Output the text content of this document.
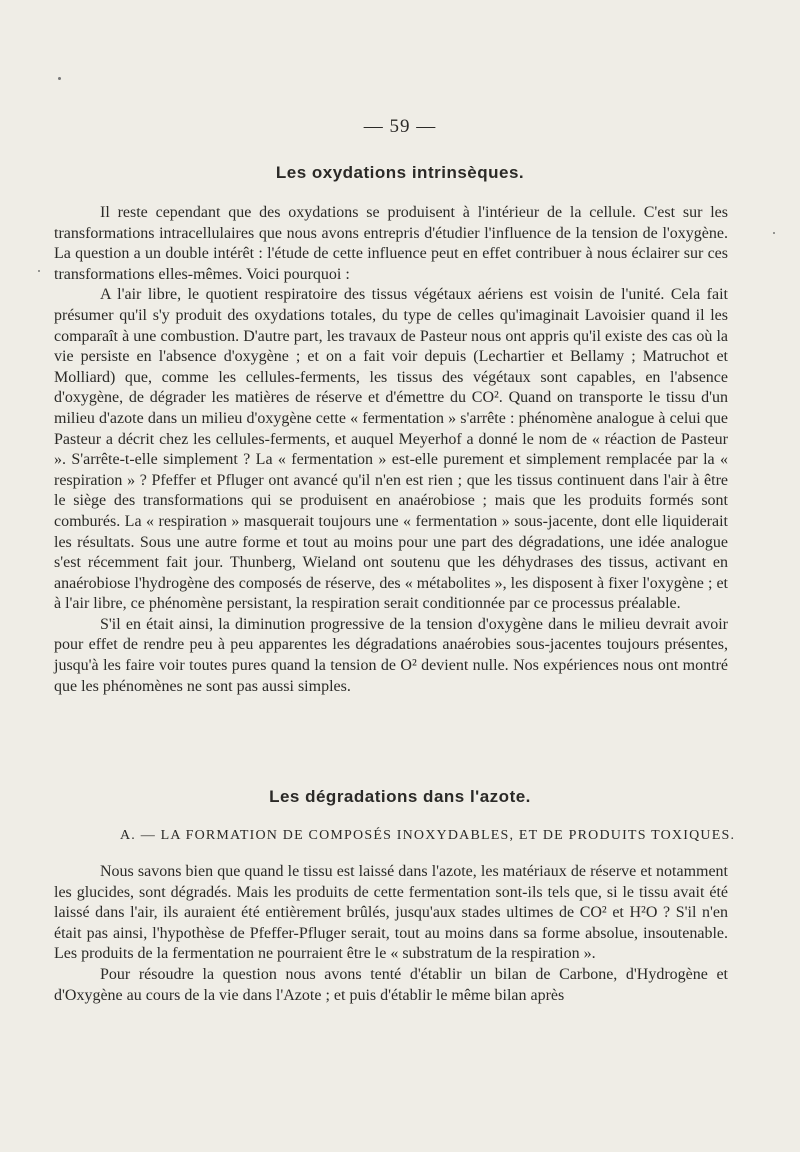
— 59 —
Les oxydations intrinsèques.

Il reste cependant que des oxydations se produisent à l'intérieur de la cellule. C'est sur les transformations intracellulaires que nous avons entrepris d'étudier l'influence de la tension de l'oxygène. La question a un double intérêt : l'étude de cette influence peut en effet contribuer à nous éclairer sur ces transformations elles-mêmes. Voici pourquoi :

A l'air libre, le quotient respiratoire des tissus végétaux aériens est voisin de l'unité. Cela fait présumer qu'il s'y produit des oxydations totales, du type de celles qu'imaginait Lavoisier quand il les comparaît à une combustion. D'autre part, les travaux de Pasteur nous ont appris qu'il existe des cas où la vie persiste en l'absence d'oxygène ; et on a fait voir depuis (Lechartier et Bellamy ; Matruchot et Molliard) que, comme les cellules-ferments, les tissus des végétaux sont capables, en l'absence d'oxygène, de dégrader les matières de réserve et d'émettre du CO². Quand on transporte le tissu d'un milieu d'azote dans un milieu d'oxygène cette « fermentation » s'arrête : phénomène analogue à celui que Pasteur a décrit chez les cellules-ferments, et auquel Meyerhof a donné le nom de « réaction de Pasteur ». S'arrête-t-elle simplement ? La « fermentation » est-elle purement et simplement remplacée par la « respiration » ? Pfeffer et Pfluger ont avancé qu'il n'en est rien ; que les tissus continuent dans l'air à être le siège des transformations qui se produisent en anaérobiose ; mais que les produits formés sont comburés. La « respiration » masquerait toujours une « fermentation » sous-jacente, dont elle liquiderait les résultats. Sous une autre forme et tout au moins pour une part des dégradations, une idée analogue s'est récemment fait jour. Thunberg, Wieland ont soutenu que les déhydrases des tissus, activant en anaérobiose l'hydrogène des composés de réserve, des « métabolites », les disposent à fixer l'oxygène ; et à l'air libre, ce phénomène persistant, la respiration serait conditionnée par ce processus préalable.

S'il en était ainsi, la diminution progressive de la tension d'oxygène dans le milieu devrait avoir pour effet de rendre peu à peu apparentes les dégradations anaérobies sous-jacentes toujours présentes, jusqu'à les faire voir toutes pures quand la tension de O² devient nulle. Nos expériences nous ont montré que les phénomènes ne sont pas aussi simples.

Les dégradations dans l'azote.
A. — LA FORMATION DE COMPOSÉS INOXYDABLES, ET DE PRODUITS TOXIQUES.

Nous savons bien que quand le tissu est laissé dans l'azote, les matériaux de réserve et notamment les glucides, sont dégradés. Mais les produits de cette fermentation sont-ils tels que, si le tissu avait été laissé dans l'air, ils auraient été entièrement brûlés, jusqu'aux stades ultimes de CO² et H²O ? S'il n'en était pas ainsi, l'hypothèse de Pfeffer-Pfluger serait, tout au moins dans sa forme absolue, insoutenable. Les produits de la fermentation ne pourraient être le « substratum de la respiration ».

Pour résoudre la question nous avons tenté d'établir un bilan de Carbone, d'Hydrogène et d'Oxygène au cours de la vie dans l'Azote ; et puis d'établir le même bilan après
